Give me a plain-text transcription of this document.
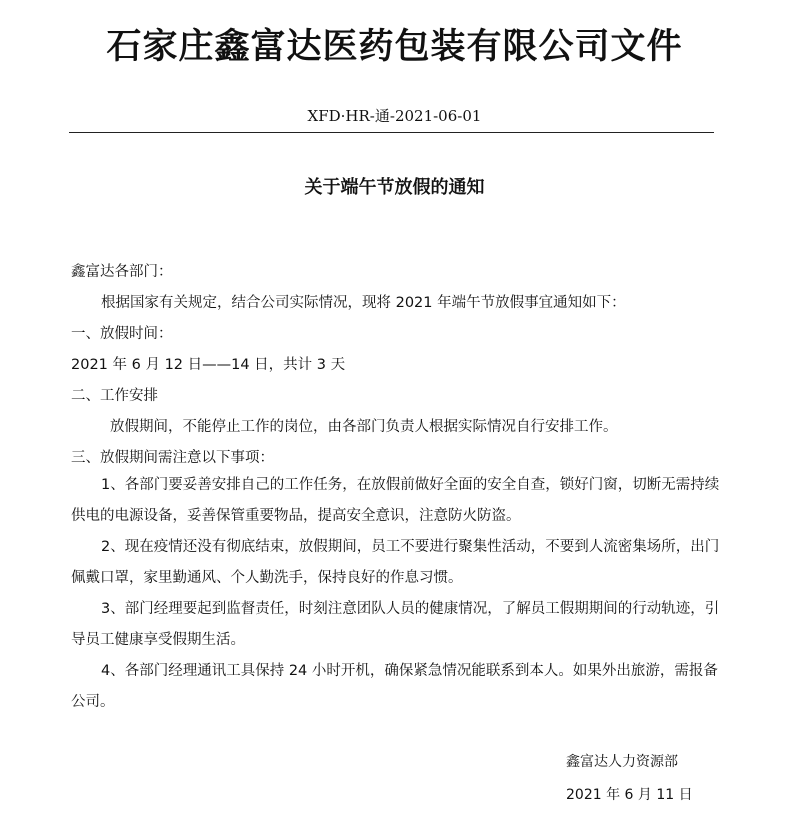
石家庄鑫富达医药包装有限公司文件
XFD·HR-通-2021-06-01
关于端午节放假的通知
鑫富达各部门：
根据国家有关规定，结合公司实际情况，现将 2021 年端午节放假事宜通知如下：
一、放假时间：
2021 年 6 月 12 日——14 日，共计 3 天
二、工作安排
放假期间，不能停止工作的岗位，由各部门负责人根据实际情况自行安排工作。
三、放假期间需注意以下事项：
1、各部门要妥善安排自己的工作任务，在放假前做好全面的安全自查，锁好门窗，切断无需持续供电的电源设备，妥善保管重要物品，提高安全意识，注意防火防盗。
2、现在疫情还没有彻底结束，放假期间，员工不要进行聚集性活动，不要到人流密集场所，出门佩戴口罩，家里勤通风、个人勤洗手，保持良好的作息习惯。
3、部门经理要起到监督责任，时刻注意团队人员的健康情况，了解员工假期期间的行动轨迹，引导员工健康享受假期生活。
4、各部门经理通讯工具保持 24 小时开机，确保紧急情况能联系到本人。如果外出旅游，需报备公司。
鑫富达人力资源部
2021 年 6 月 11 日
